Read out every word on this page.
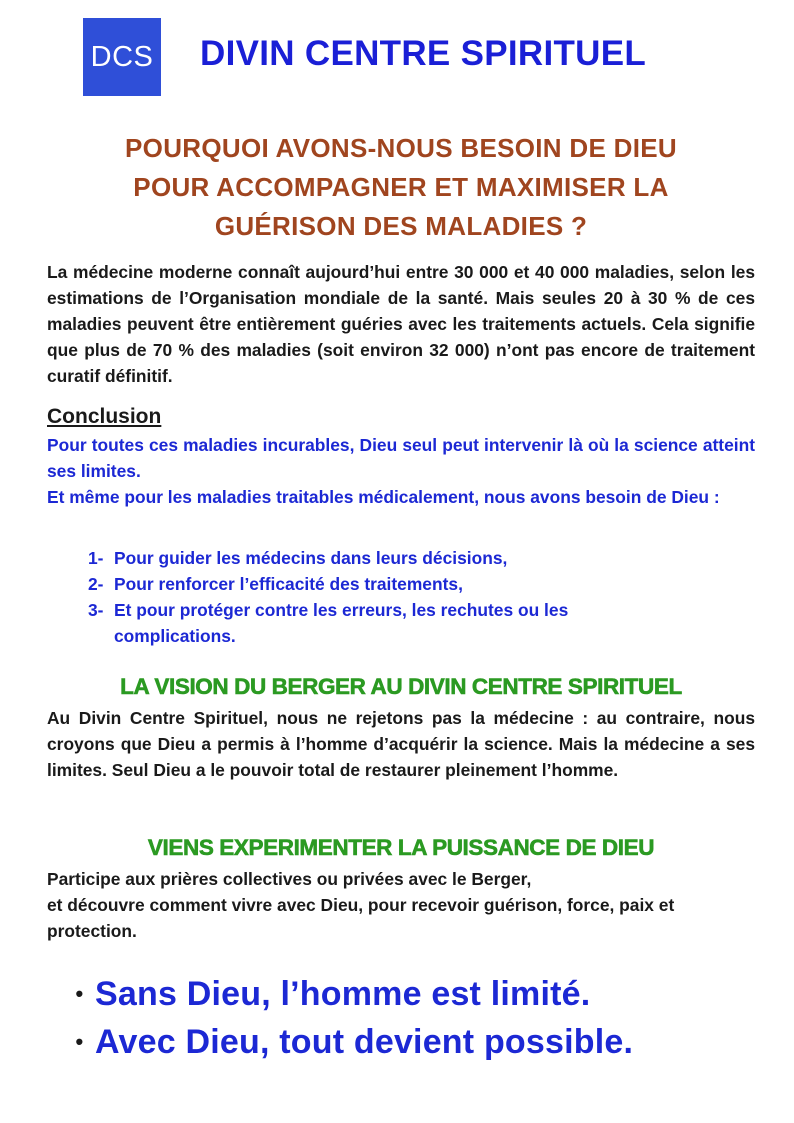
DCS DIVIN CENTRE SPIRITUEL
POURQUOI AVONS-NOUS BESOIN DE DIEU
POUR ACCOMPAGNER ET MAXIMISER LA
GUÉRISON DES MALADIES ?
La médecine moderne connaît aujourd’hui entre 30 000 et 40 000 maladies, selon les estimations de l’Organisation mondiale de la santé. Mais seules 20 à 30 % de ces maladies peuvent être entièrement guéries avec les traitements actuels. Cela signifie que plus de 70 % des maladies (soit environ 32 000) n’ont pas encore de traitement curatif définitif.
Conclusion

Pour toutes ces maladies incurables, Dieu seul peut intervenir là où la science atteint ses limites.

Et même pour les maladies traitables médicalement, nous avons besoin de Dieu :

1- Pour guider les médecins dans leurs décisions,
2- Pour renforcer l’efficacité des traitements,
3- Et pour protéger contre les erreurs, les rechutes ou les complications.
LA VISION DU BERGER AU DIVIN CENTRE SPIRITUEL
Au Divin Centre Spirituel, nous ne rejetons pas la médecine : au contraire, nous croyons que Dieu a permis à l’homme d’acquérir la science. Mais la médecine a ses limites. Seul Dieu a le pouvoir total de restaurer pleinement l’homme.
VIENS EXPERIMENTER LA PUISSANCE DE DIEU

Participe aux prières collectives ou privées avec le Berger,

et découvre comment vivre avec Dieu, pour recevoir guérison, force, paix et protection.

• Sans Dieu, l’homme est limité.
• Avec Dieu, tout devient possible.
